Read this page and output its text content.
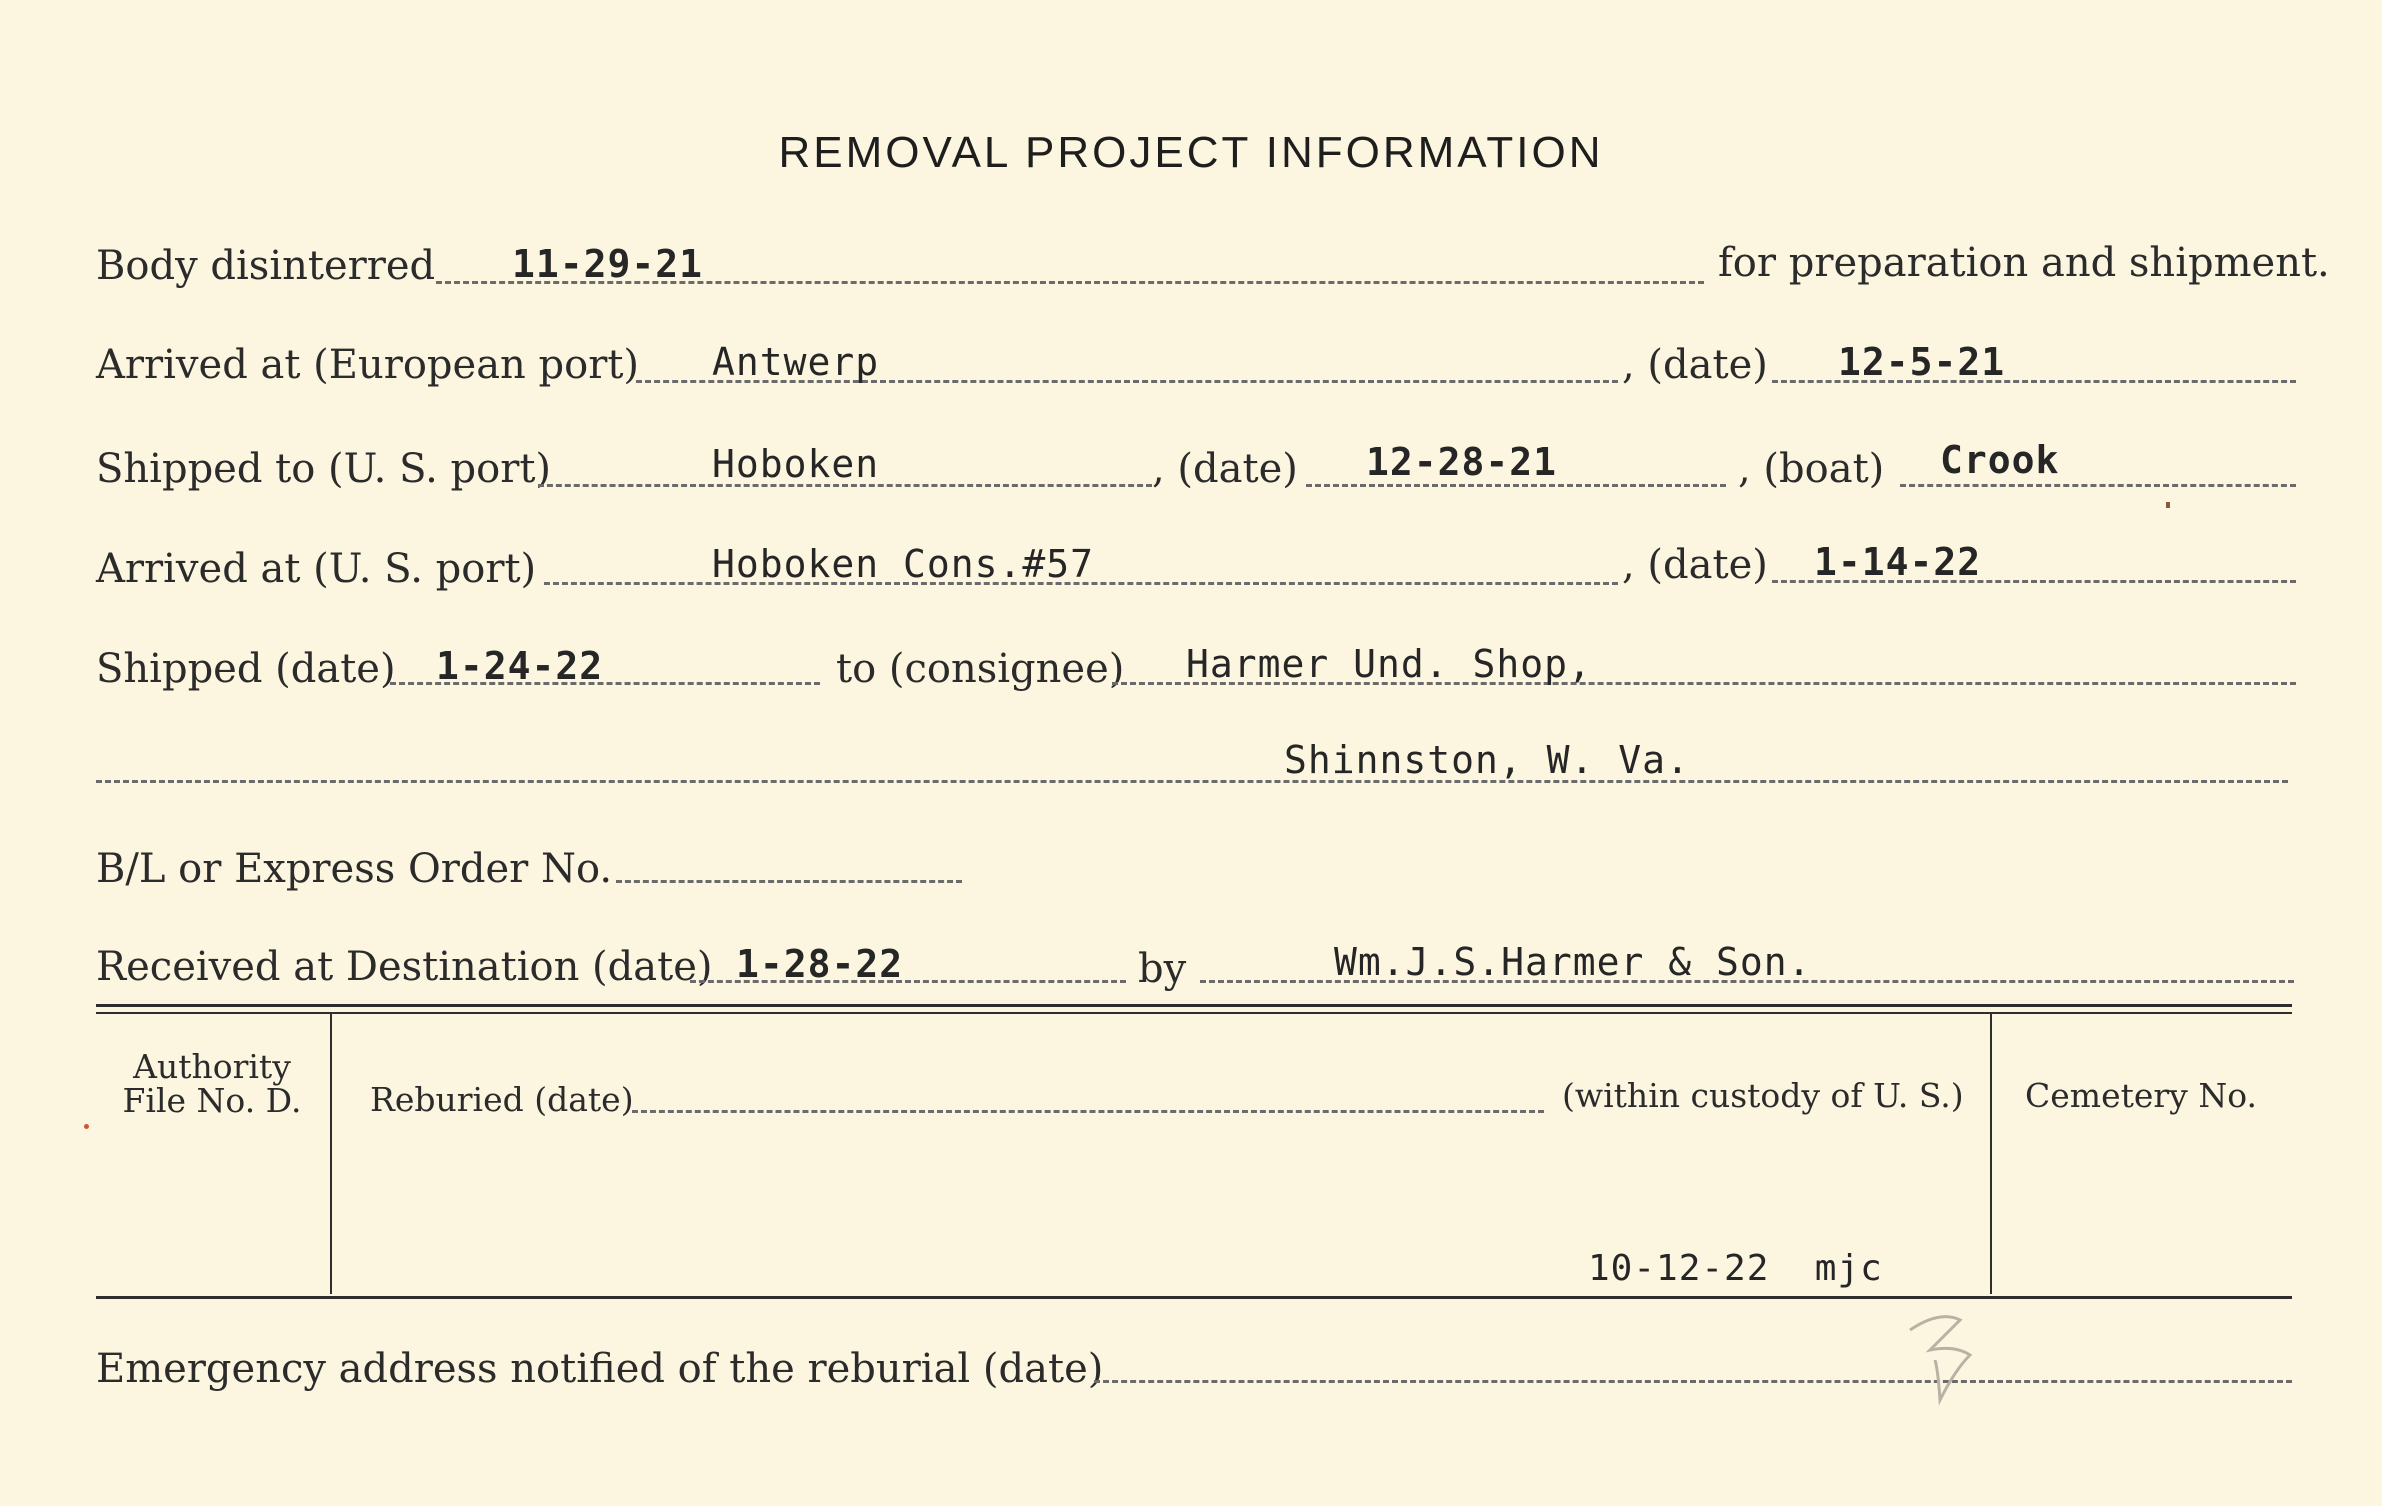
REMOVAL PROJECT INFORMATION
Body disinterred 11-29-21	for preparation and shipment.
Arrived at (European port) Antwerp	, (date) 12-5-21
Shipped to (U. S. port)	Hoboken	, (date) 12-28-21	, (boat) Crook
Arrived at (U. S. port)	Hoboken Cons.#57	, (date) 1-14-22
Shipped (date) 1-24-22	to (consignee) Harmer Und. Shop,
Shinnston, W. Va.
B/L or Express Order No.
Received at Destination (date) 1-28-22	by	Wm.J.S.Harmer & Son.
Authority File No. D.	Reburied (date)	(within custody of U. S.)	Cemetery No.
10-12-22  mjc
Emergency address notified of the reburial (date)
